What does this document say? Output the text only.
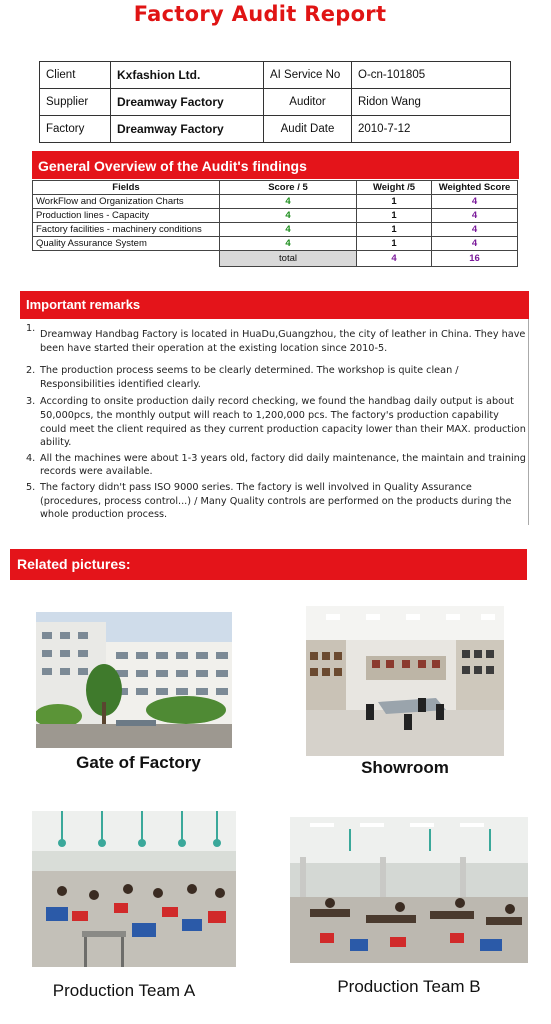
Factory Audit Report
Client	Kxfashion Ltd.	AI Service No	O-cn-101805
Supplier	Dreamway Factory	Auditor	Ridon Wang
Factory	Dreamway Factory	Audit Date	2010-7-12
General Overview of the Audit's findings
Fields	Score / 5	Weight /5	Weighted Score
WorkFlow and Organization Charts	4	1	4
Production lines - Capacity	4	1	4
Factory facilities - machinery conditions	4	1	4
Quality Assurance System	4	1	4
	total	4	16
Important remarks
1.
Dreamway Handbag Factory is located in HuaDu,Guangzhou, the city of leather in China. They have been have started their operation at the existing location since 2010-5.
2. The production process seems to be clearly determined. The workshop is quite clean / Responsibilities identified clearly.
3. According to onsite production daily record checking, we found the handbag daily output is about 50,000pcs, the monthly output will reach to 1,200,000 pcs. The factory's production capability could meet the client required as they current production capacity lower than their MAX. production ability.
4. All the machines were about 1-3 years old, factory did daily maintenance, the maintain and training records were available.
5. The factory didn't pass ISO 9000 series. The factory is well involved in Quality Assurance (procedures, process control...) / Many Quality controls are performed on the products during the whole production process.
Related pictures:
Gate of Factory	Showroom
Production Team A	Production Team B
